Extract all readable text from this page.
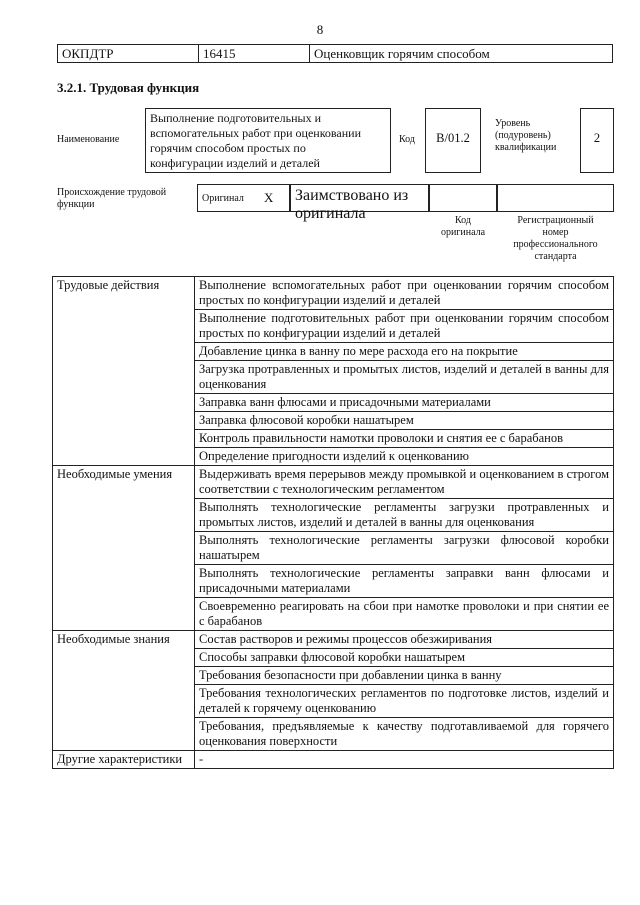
8
ОКПДТР	16415	Оценковщик горячим способом
3.2.1. Трудовая функция
Наименование
Выполнение подготовительных и
вспомогательных работ при оценковании
горячим способом простых по
конфигурации изделий и деталей
Код	В/01.2
Уровень
(подуровень)
квалификации
2
Происхождение трудовой
функции
Оригинал Х Заимствовано из
оригинала	Код
оригинала
Регистрационный
номер
профессионального
стандарта
Трудовые действия	Выполнение вспомогательных работ при оценковании горячим способом простых по конфигурации изделий и деталей
	Выполнение подготовительных работ при оценковании горячим способом простых по конфигурации изделий и деталей
	Добавление цинка в ванну по мере расхода его на покрытие
	Загрузка протравленных и промытых листов, изделий и деталей в ванны для оценкования
	Заправка ванн флюсами и присадочными материалами
	Заправка флюсовой коробки нашатырем
	Контроль правильности намотки проволоки и снятия ее с барабанов
	Определение пригодности изделий к оценкованию
Необходимые умения	Выдерживать время перерывов между промывкой и оценкованием в строгом соответствии с технологическим регламентом
	Выполнять технологические регламенты загрузки протравленных и промытых листов, изделий и деталей в ванны для оценкования
	Выполнять технологические регламенты загрузки флюсовой коробки нашатырем
	Выполнять технологические регламенты заправки ванн флюсами и присадочными материалами
	Своевременно реагировать на сбои при намотке проволоки и при снятии ее с барабанов
Необходимые знания	Состав растворов и режимы процессов обезжиривания
	Способы заправки флюсовой коробки нашатырем
	Требования безопасности при добавлении цинка в ванну
	Требования технологических регламентов по подготовке листов, изделий и деталей к горячему оценкованию
	Требования, предъявляемые к качеству подготавливаемой для горячего оценкования поверхности
Другие характеристики	-
